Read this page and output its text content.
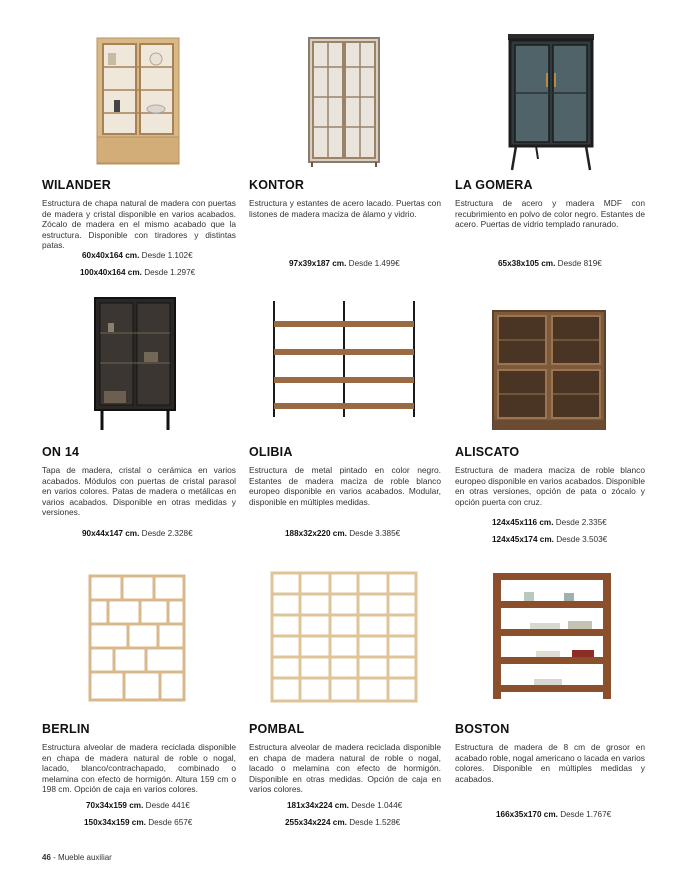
WILANDER
Estructura de chapa natural de madera con puertas de madera y cristal disponible en varios acabados. Zócalo de madera en el mismo acabado que la estructura. Disponible con tiradores y distintas patas.
60x40x164 cm. Desde 1.102€
100x40x164 cm. Desde 1.297€
KONTOR
Estructura y estantes de acero lacado. Puertas con listones de madera maciza de álamo y vidrio.
97x39x187 cm. Desde 1.499€
LA GOMERA
Estructura de acero y madera MDF con recubrimiento en polvo de color negro. Estantes de acero. Puertas de vidrio templado ranurado.
65x38x105 cm. Desde 819€
ON 14
Tapa de madera, cristal o cerámica en varios acabados. Módulos con puertas de cristal parasol en varios colores. Patas de madera o metálicas en varios acabados. Disponible en otras medidas y versiones.
90x44x147 cm. Desde 2.328€
OLIBIA
Estructura de metal pintado en color negro. Estantes de madera maciza de roble blanco europeo disponible en varios acabados. Modular, disponible en múltiples medidas.
188x32x220 cm. Desde 3.385€
ALISCATO
Estructura de madera maciza de roble blanco europeo disponible en varios acabados. Disponible en otras versiones, opción de pata o zócalo y opción puerta con cruz.
124x45x116 cm. Desde 2.335€
124x45x174 cm. Desde 3.503€
BERLIN
Estructura alveolar de madera reciclada disponible en chapa de madera natural de roble o nogal, lacado, blanco/contrachapado, combinado o melamina con efecto de hormigón. Altura 159 cm o 198 cm. Opción de caja en varios colores.
70x34x159 cm. Desde 441€
150x34x159 cm. Desde 657€
POMBAL
Estructura alveolar de madera reciclada disponible en chapa de madera natural de roble o nogal, lacado o melamina con efecto de hormigón. Disponible en otras medidas. Opción de caja en varios colores.
181x34x224 cm. Desde 1.044€
255x34x224 cm. Desde 1.528€
BOSTON
Estructura de madera de 8 cm de grosor en acabado roble, nogal americano o lacada en varios colores. Disponible en múltiples medidas y acabados.
166x35x170 cm. Desde 1.767€
46 - Mueble auxiliar
